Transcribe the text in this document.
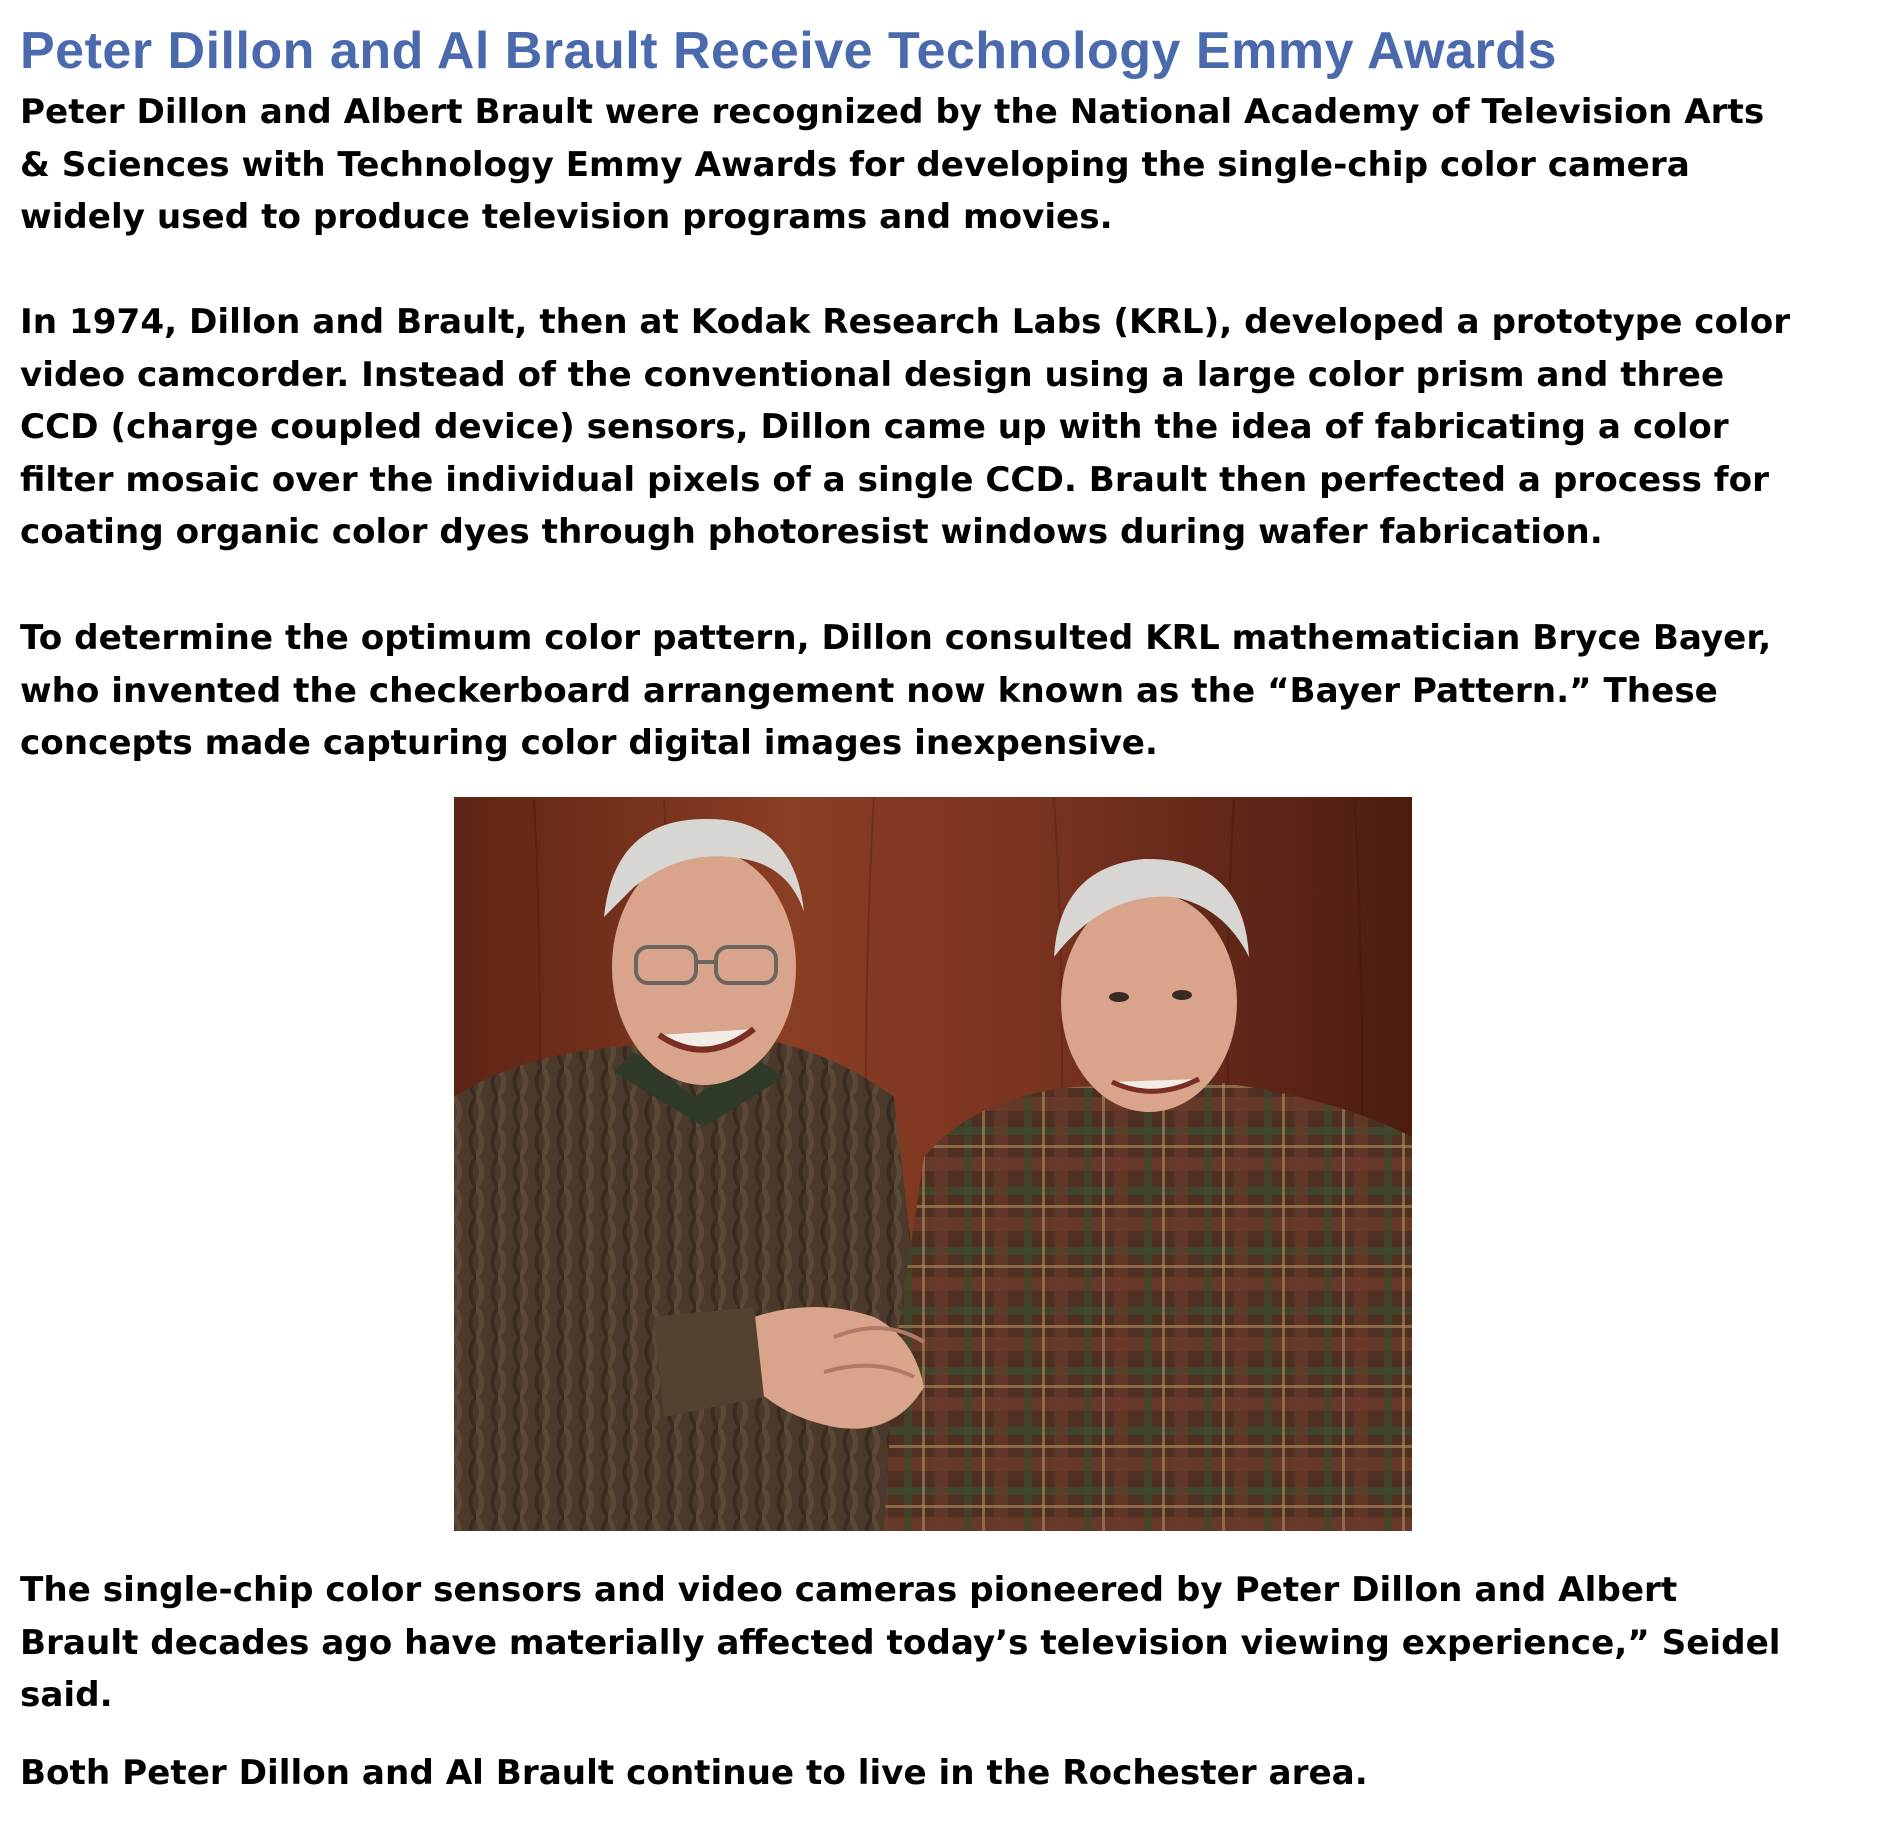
Peter Dillon and Al Brault Receive Technology Emmy Awards

Peter Dillon and Albert Brault were recognized by the National Academy of Television Arts
& Sciences with Technology Emmy Awards for developing the single-chip color camera
widely used to produce television programs and movies.

In 1974, Dillon and Brault, then at Kodak Research Labs (KRL), developed a prototype color
video camcorder. Instead of the conventional design using a large color prism and three
CCD (charge coupled device) sensors, Dillon came up with the idea of fabricating a color
filter mosaic over the individual pixels of a single CCD. Brault then perfected a process for
coating organic color dyes through photoresist windows during wafer fabrication.

To determine the optimum color pattern, Dillon consulted KRL mathematician Bryce Bayer,
who invented the checkerboard arrangement now known as the “Bayer Pattern.” These
concepts made capturing color digital images inexpensive.

The single-chip color sensors and video cameras pioneered by Peter Dillon and Albert
Brault decades ago have materially affected today’s television viewing experience,” Seidel
said.

Both Peter Dillon and Al Brault continue to live in the Rochester area.
